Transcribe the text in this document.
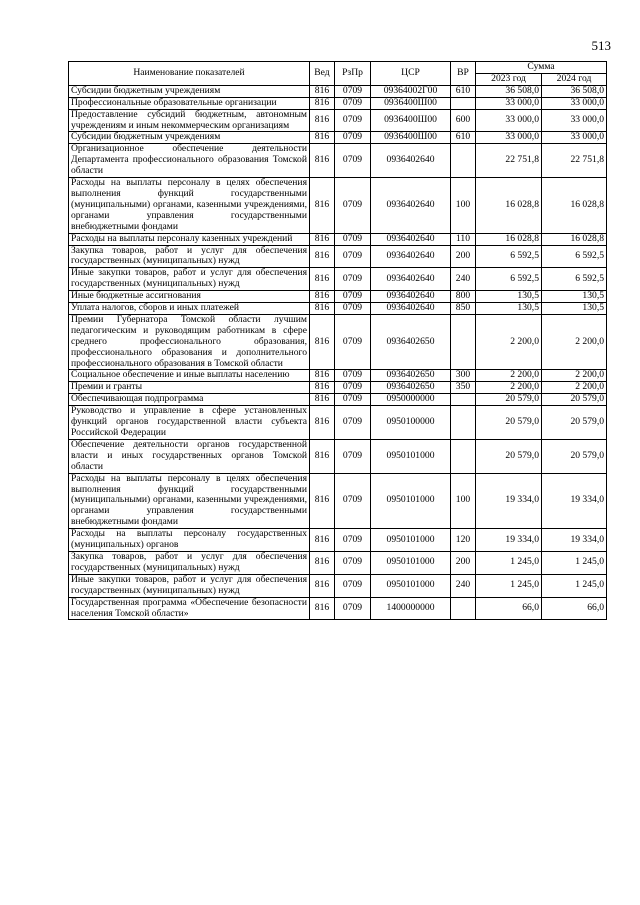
513
Наименование показателей	Вед	РзПр	ЦСР	ВР	Сумма	
					2023 год	2024 год
Субсидии бюджетным учреждениям	816	0709	09364002Г00	610	36 508,0	36 508,0
Профессиональные образовательные организации	816	0709	0936400Ш00		33 000,0	33 000,0
Предоставление субсидий бюджетным, автономным учреждениям и иным некоммерческим организациям	816	0709	0936400Ш00	600	33 000,0	33 000,0
Субсидии бюджетным учреждениям	816	0709	0936400Ш00	610	33 000,0	33 000,0
Организационное обеспечение деятельности Департамента профессионального образования Томской области	816	0709	0936402640		22 751,8	22 751,8
Расходы на выплаты персоналу в целях обеспечения выполнения функций государственными (муниципальными) органами, казенными учреждениями, органами управления государственными внебюджетными фондами	816	0709	0936402640	100	16 028,8	16 028,8
Расходы на выплаты персоналу казенных учреждений	816	0709	0936402640	110	16 028,8	16 028,8
Закупка товаров, работ и услуг для обеспечения государственных (муниципальных) нужд	816	0709	0936402640	200	6 592,5	6 592,5
Иные закупки товаров, работ и услуг для обеспечения государственных (муниципальных) нужд	816	0709	0936402640	240	6 592,5	6 592,5
Иные бюджетные ассигнования	816	0709	0936402640	800	130,5	130,5
Уплата налогов, сборов и иных платежей	816	0709	0936402640	850	130,5	130,5
Премии Губернатора Томской области лучшим педагогическим и руководящим работникам в сфере среднего профессионального образования, профессионального образования и дополнительного профессионального образования в Томской области	816	0709	0936402650		2 200,0	2 200,0
Социальное обеспечение и иные выплаты населению	816	0709	0936402650	300	2 200,0	2 200,0
Премии и гранты	816	0709	0936402650	350	2 200,0	2 200,0
Обеспечивающая подпрограмма	816	0709	0950000000		20 579,0	20 579,0
Руководство и управление в сфере установленных функций органов государственной власти субъекта Российской Федерации	816	0709	0950100000		20 579,0	20 579,0
Обеспечение деятельности органов государственной власти и иных государственных органов Томской области	816	0709	0950101000		20 579,0	20 579,0
Расходы на выплаты персоналу в целях обеспечения выполнения функций государственными (муниципальными) органами, казенными учреждениями, органами управления государственными внебюджетными фондами	816	0709	0950101000	100	19 334,0	19 334,0
Расходы на выплаты персоналу государственных (муниципальных) органов	816	0709	0950101000	120	19 334,0	19 334,0
Закупка товаров, работ и услуг для обеспечения государственных (муниципальных) нужд	816	0709	0950101000	200	1 245,0	1 245,0
Иные закупки товаров, работ и услуг для обеспечения государственных (муниципальных) нужд	816	0709	0950101000	240	1 245,0	1 245,0
Государственная программа «Обеспечение безопасности населения Томской области»	816	0709	1400000000		66,0	66,0
